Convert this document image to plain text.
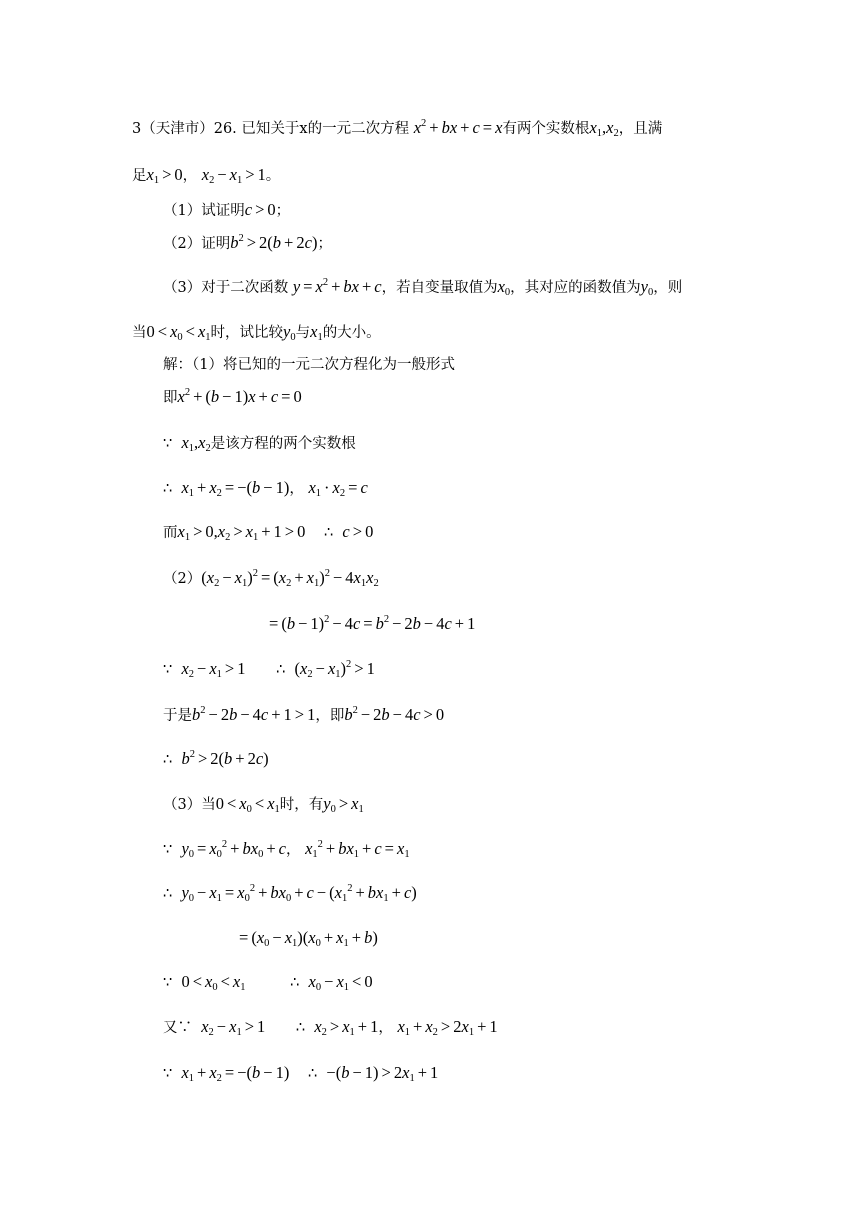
3（天津市）26. 已知关于x的一元二次方程 $x^2$ + bx + c = x有两个实数根$x_1,x_2$，且满
足$x_1 > 0$， $x_2 - x_1 > 1$。
（1）试证明c > 0；
（2）证明$b^2 > 2(b + 2c)$；
（3）对于二次函数 $y = x^2$ + bx + c，若自变量取值为$x_0$，其对应的函数值为$y_0$，则
当$0 < x_0 < x_1$时，试比较$y_0$与$x_1$的大小。
解：（1）将已知的一元二次方程化为一般形式
即$x^2 + (b - 1)x + c = 0$
∵ $x_1,x_2$是该方程的两个实数根
∴ $x_1 + x_2 = -(b - 1)$， $x_1 \cdot x_2 = c$
而$x_1 > 0,x_2 > x_1 + 1 > 0$ ∴ c > 0
$(2)(x_2 - x_1)^2 = (x_2 + x_1)^2 - 4x_1x_2$
= $(b - 1)^2 - 4c = b^2 - 2b - 4c + 1$
∵ $x_2 - x_1 > 1$ ∴ $(x_2 - x_1)^2 > 1$
于是$b^2 - 2b - 4c + 1 > 1$，即$b^2 - 2b - 4c > 0$
∴ $b^2 > 2(b + 2c)$
（3）当$0 < x_0 < x_1$时，有$y_0 > x_1$
∵ $y_0 = x_0^2 + bx_0 + c$， $x_1^2 + bx_1 + c = x_1$
∴ $y_0 - x_1 = x_0^2 + bx_0 + c - (x_1^2 + bx_1 + c)$
= $(x_0 - x_1)(x_0 + x_1 + b)$
∵ $0 < x_0 < x_1$	∴ $x_0 - x_1 < 0$
又∵ $x_2 - x_1 > 1$ ∴ $x_2 > x_1 + 1$， $x_1 + x_2 > 2x_1 + 1$
∵ $x_1 + x_2 = -(b - 1)$ ∴ $-(b - 1) > 2x_1 + 1$
